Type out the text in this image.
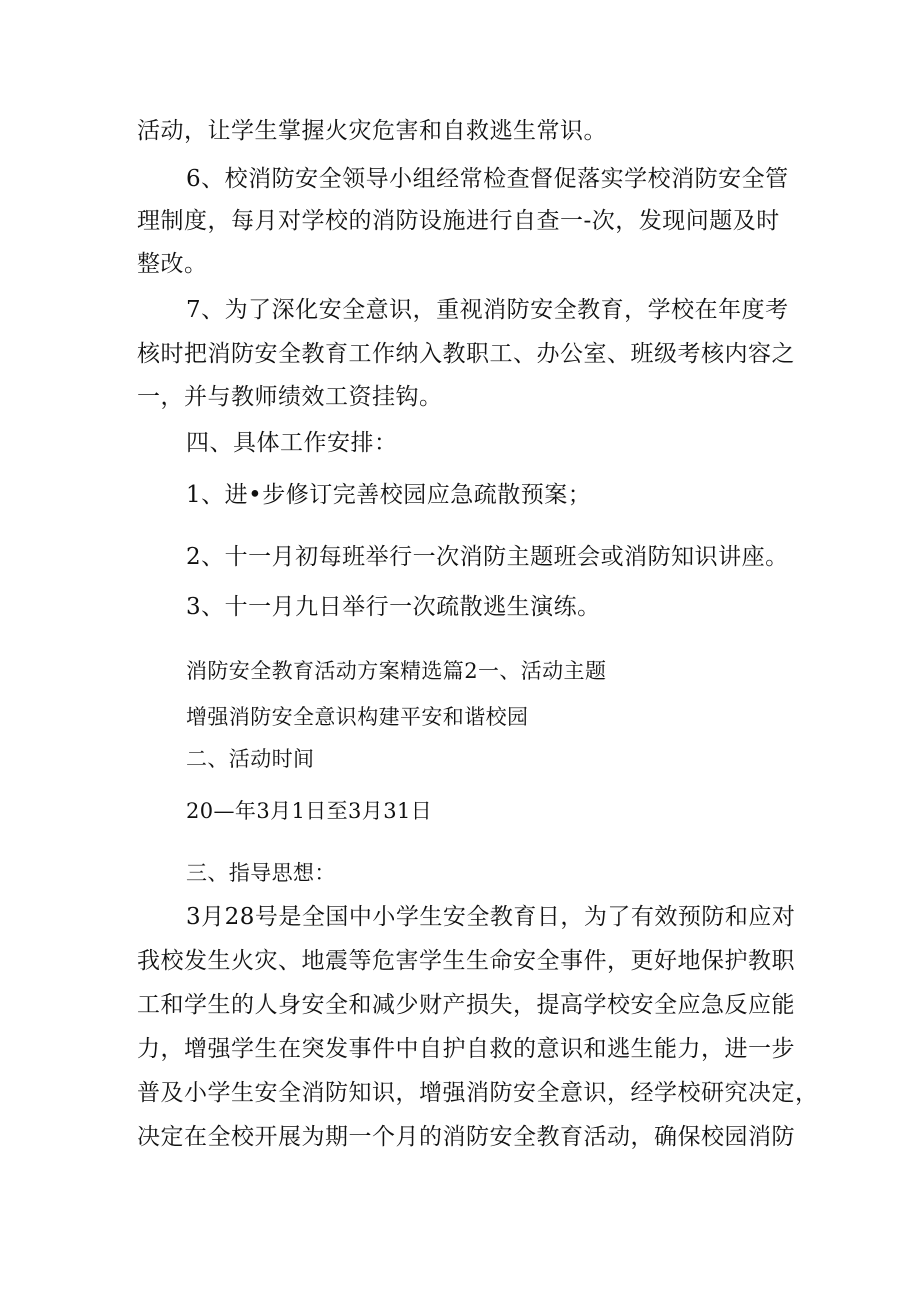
活动，让学生掌握火灾危害和自救逃生常识。
6、校消防安全领导小组经常检查督促落实学校消防安全管
理制度，每月对学校的消防设施进行自查一-次，发现问题及时
整改。
7、为了深化安全意识，重视消防安全教育，学校在年度考
核时把消防安全教育工作纳入教职工、办公室、班级考核内容之
一，并与教师绩效工资挂钩。
四、具体工作安排：
1、进•步修订完善校园应急疏散预案；
2、十一月初每班举行一次消防主题班会或消防知识讲座。
3、十一月九日举行一次疏散逃生演练。
消防安全教育活动方案精选篇2一、活动主题
增强消防安全意识构建平安和谐校园
二、活动时间
20—年3月1日至3月31日
三、指导思想：
3月28号是全国中小学生安全教育日，为了有效预防和应对
我校发生火灾、地震等危害学生生命安全事件，更好地保护教职
工和学生的人身安全和减少财产损失，提高学校安全应急反应能
力，增强学生在突发事件中自护自救的意识和逃生能力，进一步
普及小学生安全消防知识，增强消防安全意识，经学校研究决定，
决定在全校开展为期一个月的消防安全教育活动，确保校园消防
